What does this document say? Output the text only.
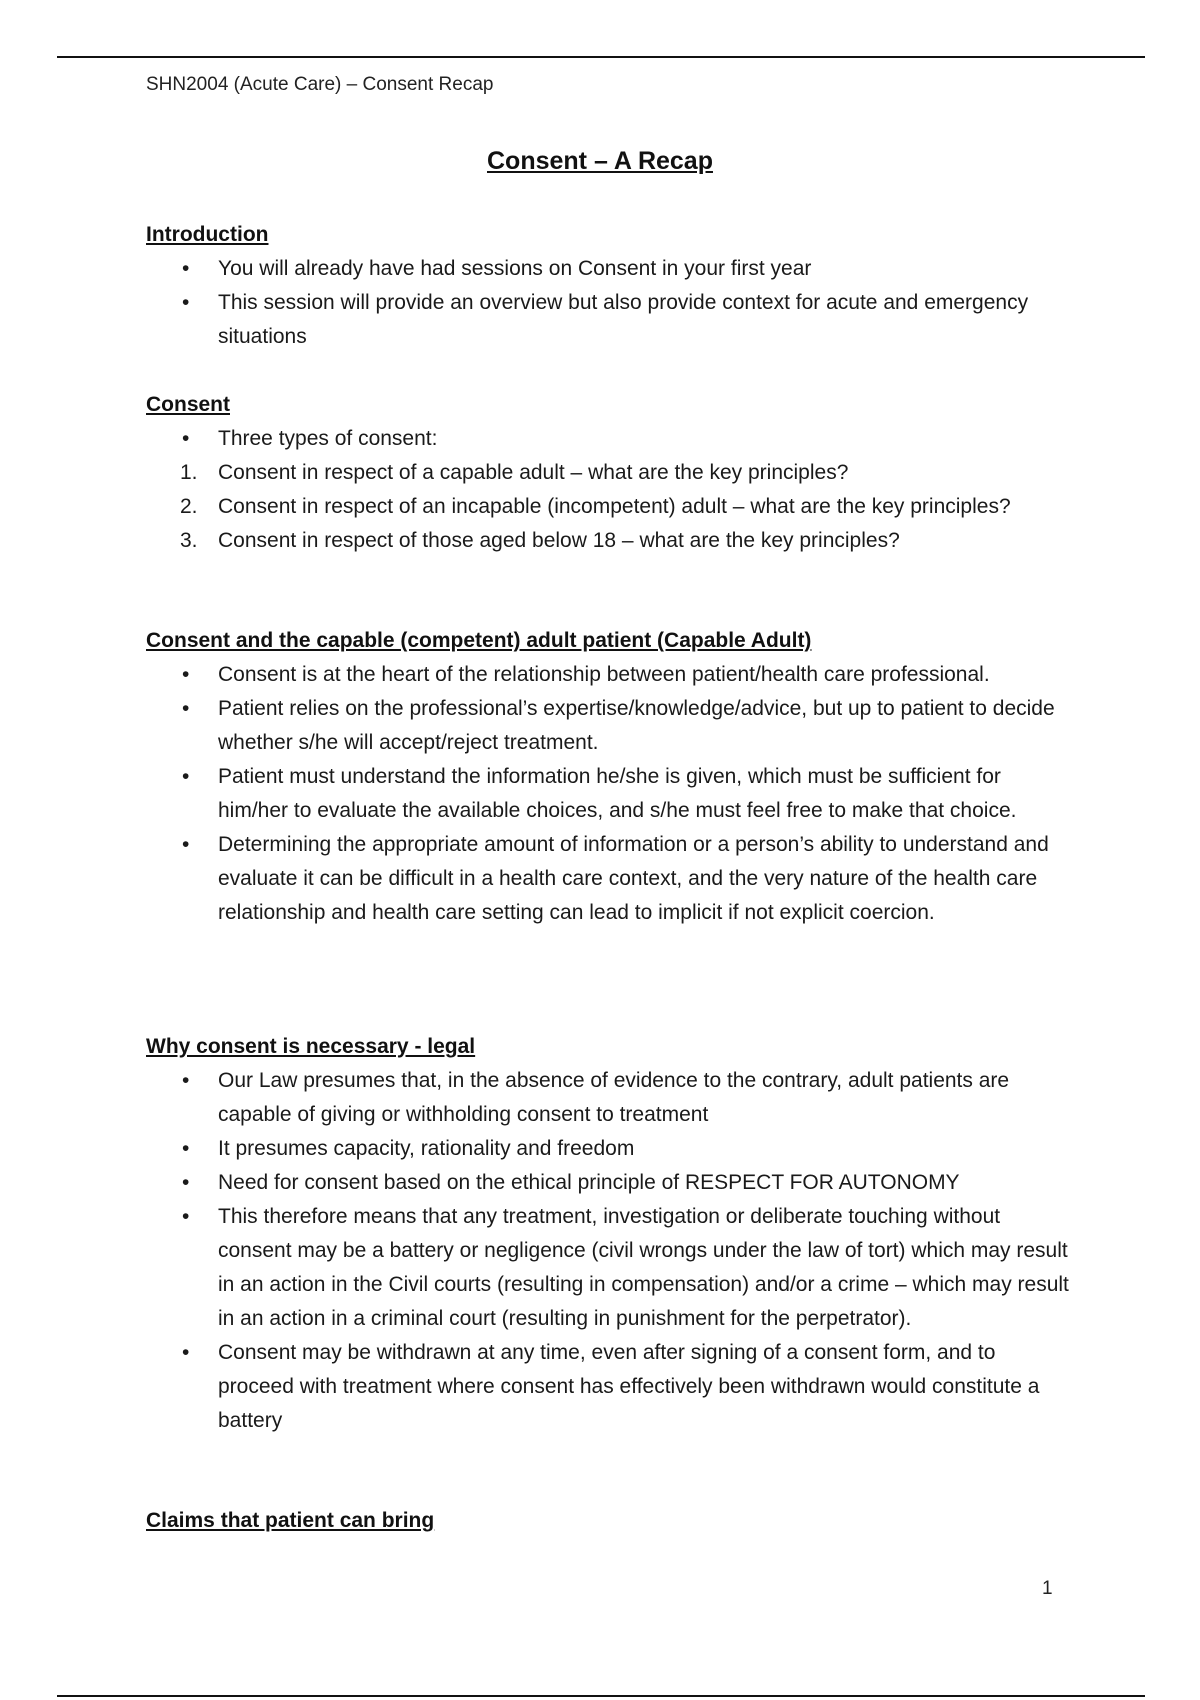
SHN2004 (Acute Care) – Consent Recap
Consent – A Recap
Introduction
•	You will already have had sessions on Consent in your first year
•	This session will provide an overview but also provide context for acute and emergency situations
Consent
•	Three types of consent:
1. Consent in respect of a capable adult – what are the key principles?
2. Consent in respect of an incapable (incompetent) adult – what are the key principles?
3. Consent in respect of those aged below 18 – what are the key principles?
Consent and the capable (competent) adult patient (Capable Adult)
•	Consent is at the heart of the relationship between patient/health care professional.
•	Patient relies on the professional’s expertise/knowledge/advice, but up to patient to decide whether s/he will accept/reject treatment.
•	Patient must understand the information he/she is given, which must be sufficient for him/her to evaluate the available choices, and s/he must feel free to make that choice.
•	Determining the appropriate amount of information or a person’s ability to understand and evaluate it can be difficult in a health care context, and the very nature of the health care relationship and health care setting can lead to implicit if not explicit coercion.
Why consent is necessary - legal
•	Our Law presumes that, in the absence of evidence to the contrary, adult patients are capable of giving or withholding consent to treatment
•	It presumes capacity, rationality and freedom
•	Need for consent based on the ethical principle of RESPECT FOR AUTONOMY
•	This therefore means that any treatment, investigation or deliberate touching without consent may be a battery or negligence (civil wrongs under the law of tort) which may result in an action in the Civil courts (resulting in compensation) and/or a crime – which may result in an action in a criminal court (resulting in punishment for the perpetrator).
•	Consent may be withdrawn at any time, even after signing of a consent form, and to proceed with treatment where consent has effectively been withdrawn would constitute a battery
Claims that patient can bring
1
